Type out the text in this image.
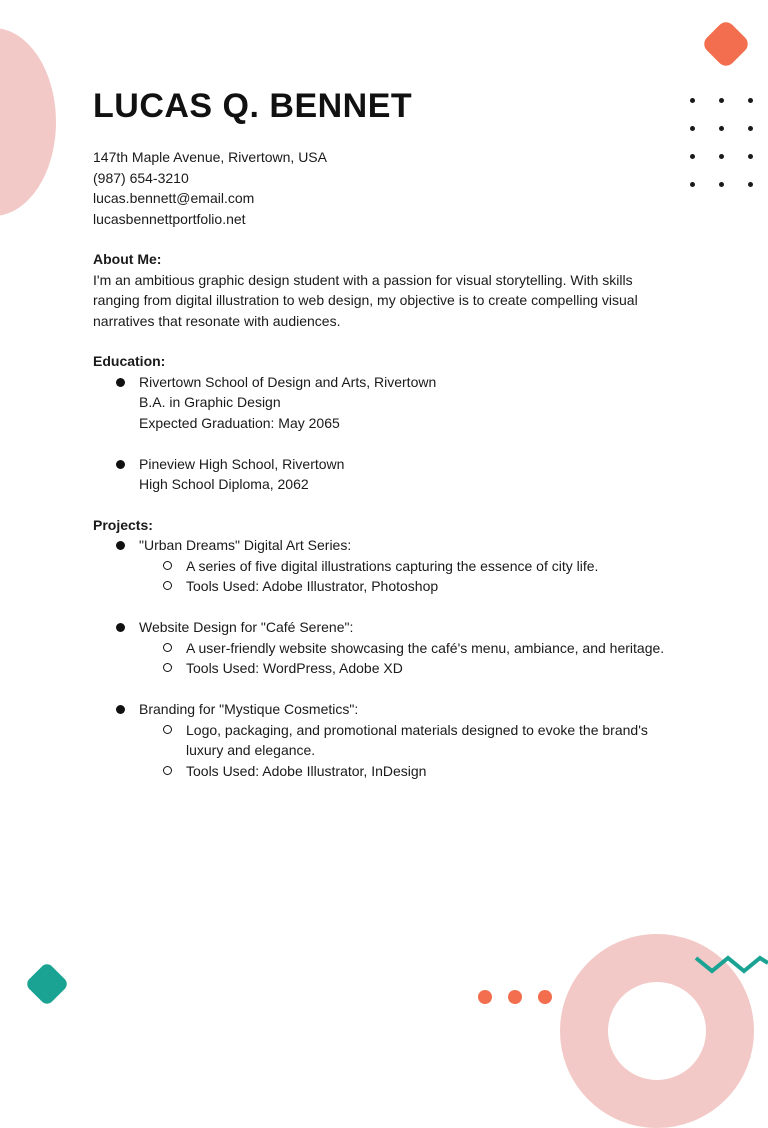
LUCAS Q. BENNET
147th Maple Avenue, Rivertown, USA
(987) 654-3210
lucas.bennett@email.com
lucasbennettportfolio.net
About Me:
I'm an ambitious graphic design student with a passion for visual storytelling. With skills ranging from digital illustration to web design, my objective is to create compelling visual narratives that resonate with audiences.
Education:
Rivertown School of Design and Arts, Rivertown
B.A. in Graphic Design
Expected Graduation: May 2065
Pineview High School, Rivertown
High School Diploma, 2062
Projects:
"Urban Dreams" Digital Art Series:
A series of five digital illustrations capturing the essence of city life.
Tools Used: Adobe Illustrator, Photoshop
Website Design for "Café Serene":
A user-friendly website showcasing the café's menu, ambiance, and heritage.
Tools Used: WordPress, Adobe XD
Branding for "Mystique Cosmetics":
Logo, packaging, and promotional materials designed to evoke the brand's luxury and elegance.
Tools Used: Adobe Illustrator, InDesign
